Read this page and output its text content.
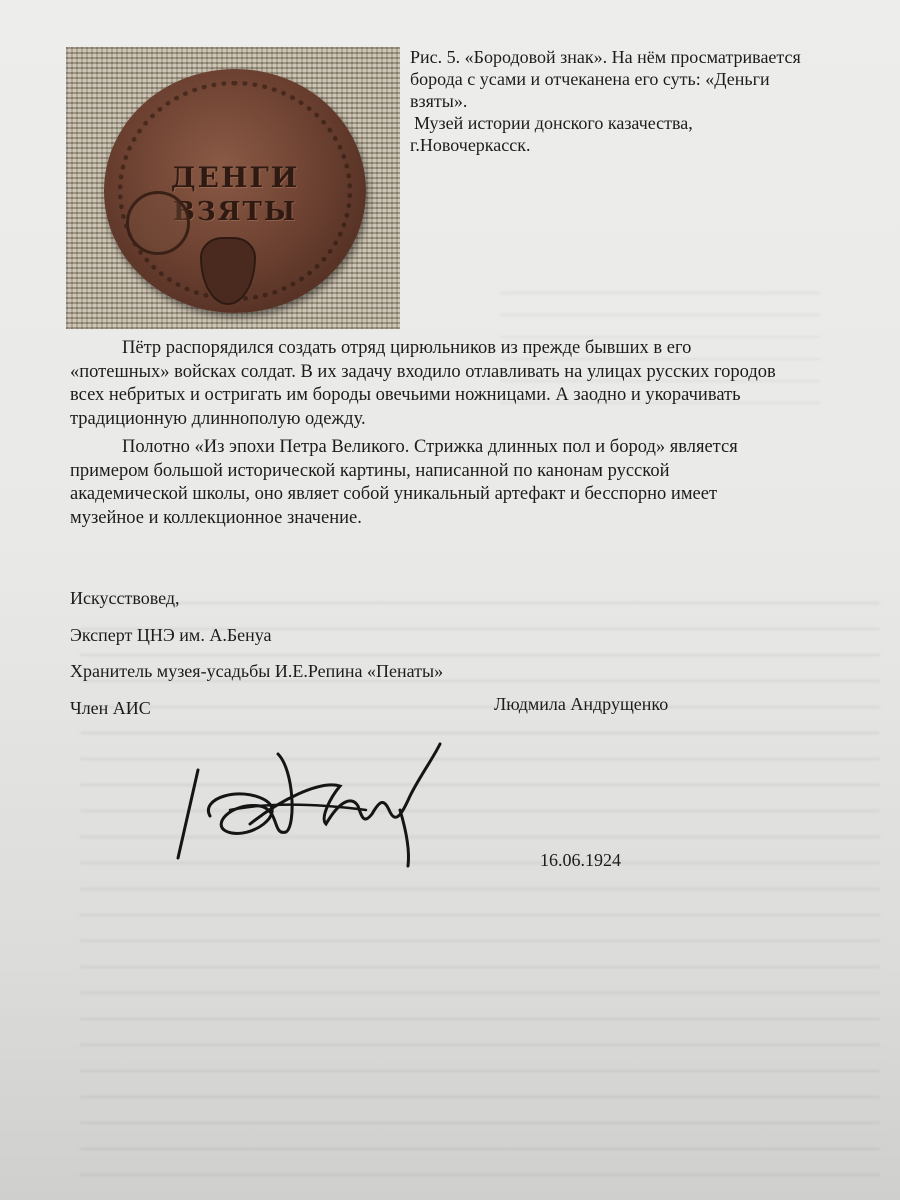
ДЕНГИ
ВЗЯТЫ

Рис. 5. «Бородовой знак». На нём просматривается

борода с усами и отчеканена его суть: «Деньги

взяты».

Музей истории донского казачества,

г.Новочеркасск.

Пётр распорядился создать отряд цирюльников из прежде бывших в его

«потешных» войсках солдат. В их задачу входило отлавливать на улицах русских городов

всех небритых и остригать им бороды овечьими ножницами. А заодно и укорачивать

традиционную длиннополую одежду.

Полотно «Из эпохи Петра Великого. Стрижка длинных пол и бород» является

примером большой исторической картины, написанной по канонам русской

академической школы, оно являет собой уникальный артефакт и бесспорно имеет

музейное и коллекционное значение.

Искусствовед,
Эксперт ЦНЭ им. А.Бенуа
Хранитель музея-усадьбы И.Е.Репина «Пенаты»
Член АИС	Людмила Андрущенко
16.06.1924
